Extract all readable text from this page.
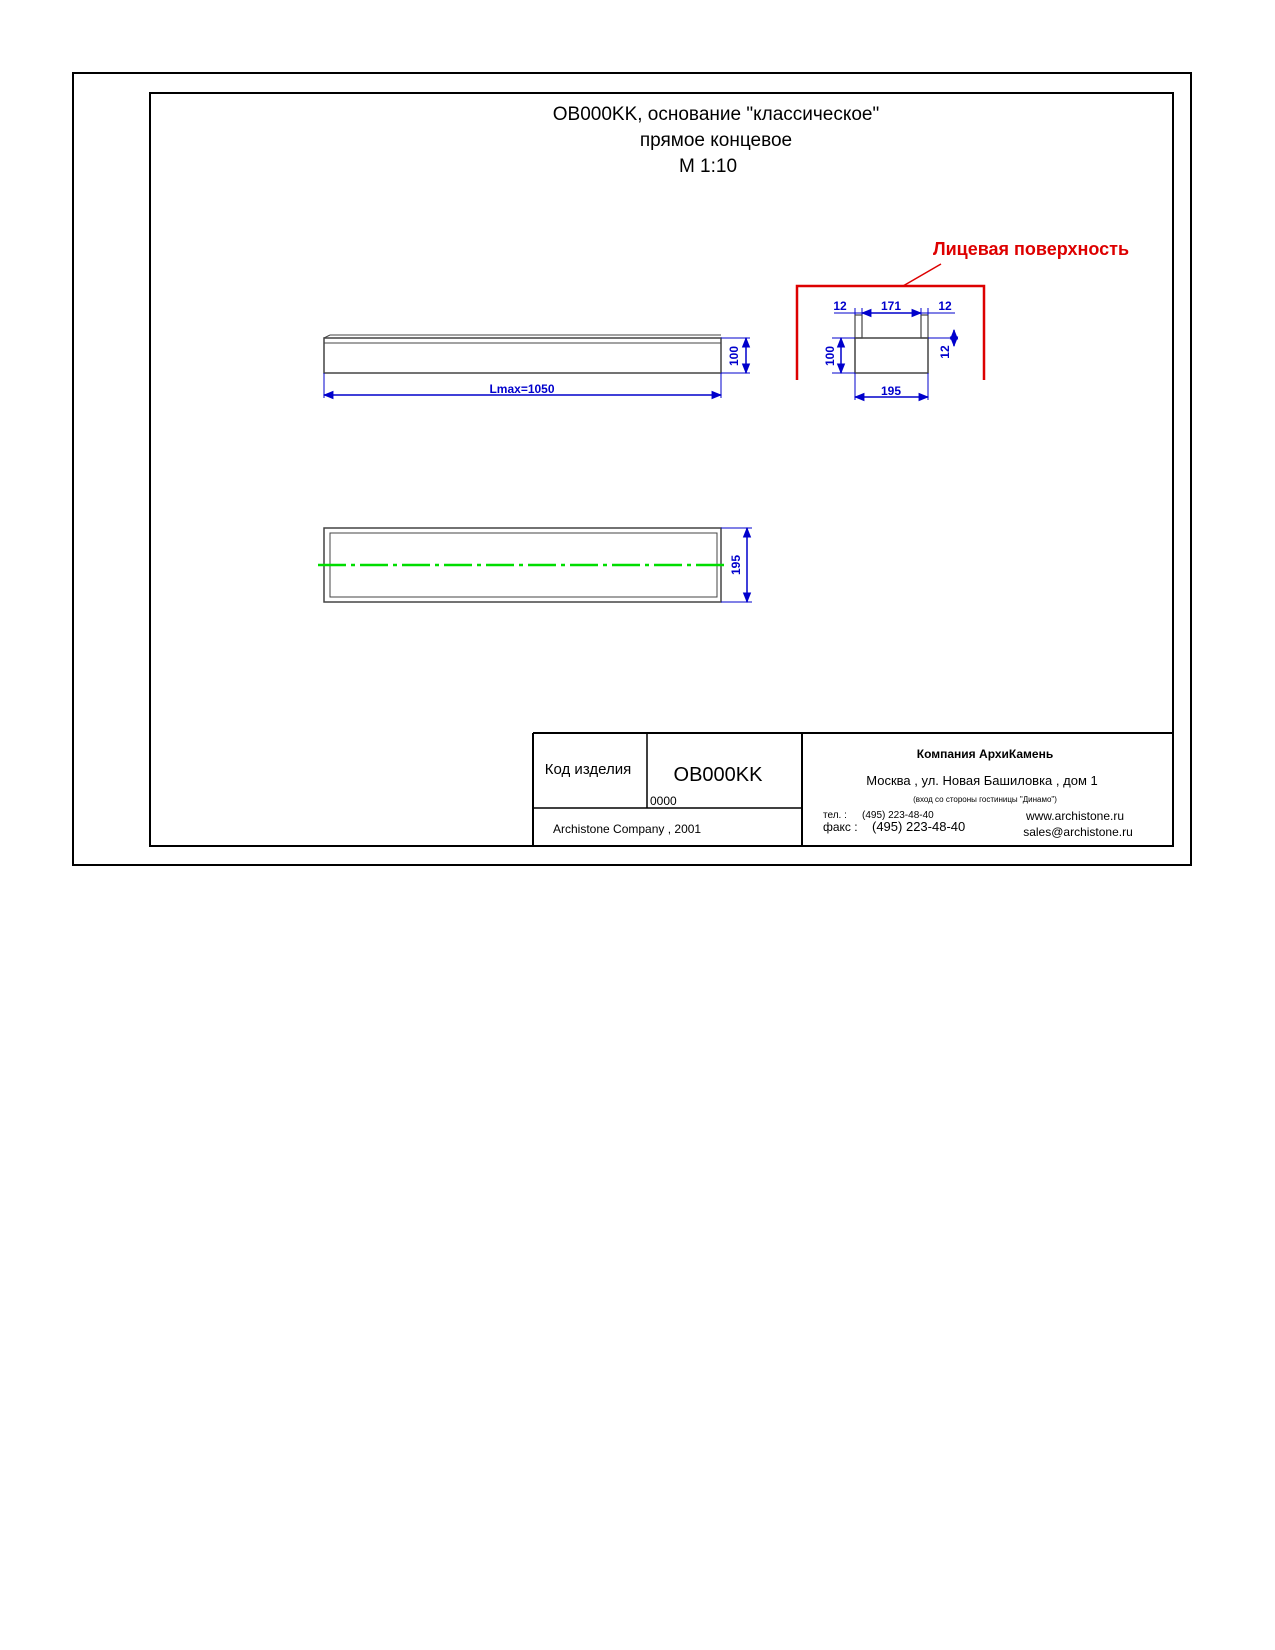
OB000KK, основание "классическое"
прямое концевое
М 1:10
Lmax=1050
100
12	171	12
100	12
195
Лицевая поверхность
195
Код изделия OB000KK
0000
Archistone Company , 2001
Компания АрхиКамень
Москва , ул. Новая Башиловка , дом 1
(вход со стороны гостиницы "Динамо")
тел. : (495) 223-48-40
факс : (495) 223-48-40
www.archistone.ru
sales@archistone.ru
